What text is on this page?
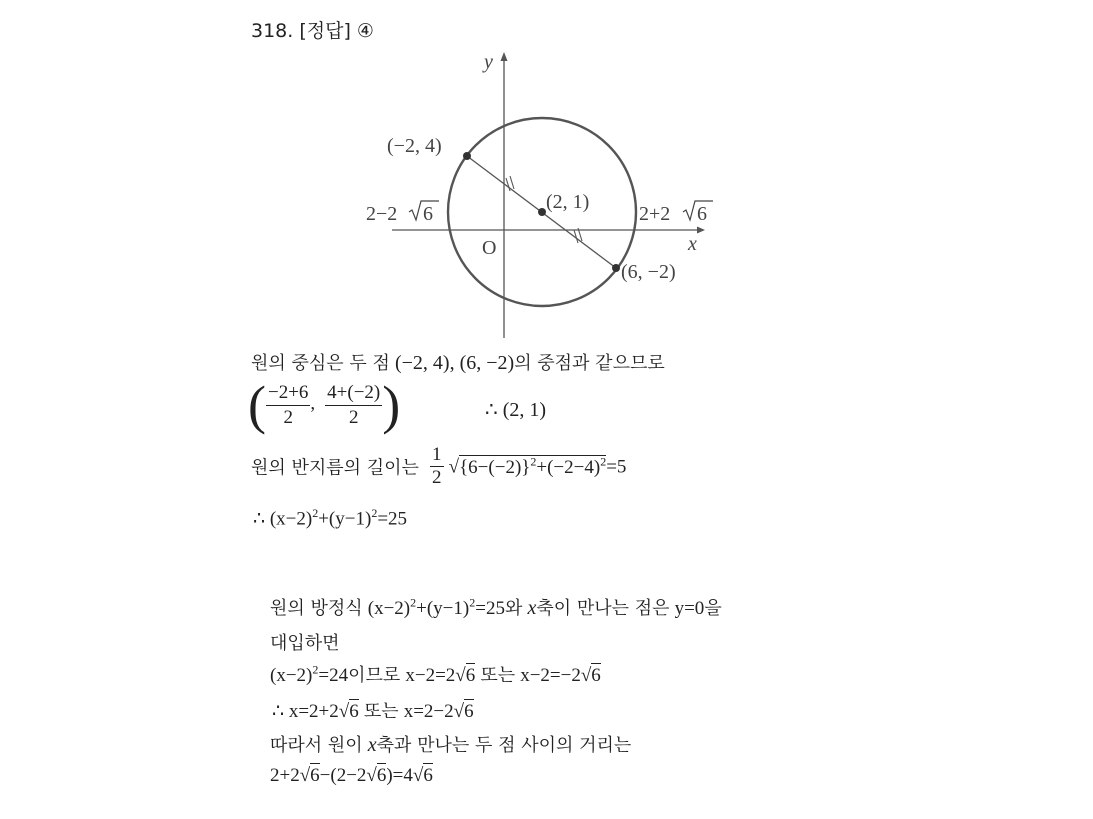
318. [정답] ④
y
x
O
(−2, 4)
(2, 1)
(6, −2)
2−2 6	2+2 6
원의 중심은 두 점 (−2, 4), (6, −2)의 중점과 같으므로
( $\frac{-2+6}{2}$ , $\frac{4+(-2)}{2}$ )	∴ (2, 1)
원의 반지름의 길이는 $\frac{1}{2} √\{6-(-2)\}^2+(-2-4)^2=5$
∴ $(x-2)^2+(y-1)^2=25$
원의 방정식 $(x-2)^2+(y-1)^2=25$와 x축이 만나는 점은 y=0을
대입하면
$(x-2)^2=24$이므로 x−2=2√6 또는 x−2=−2√6
∴ x=2+2√6 또는 x=2−2√6
따라서 원이 x축과 만나는 두 점 사이의 거리는
2+2√6−(2−2√6)=4√6
